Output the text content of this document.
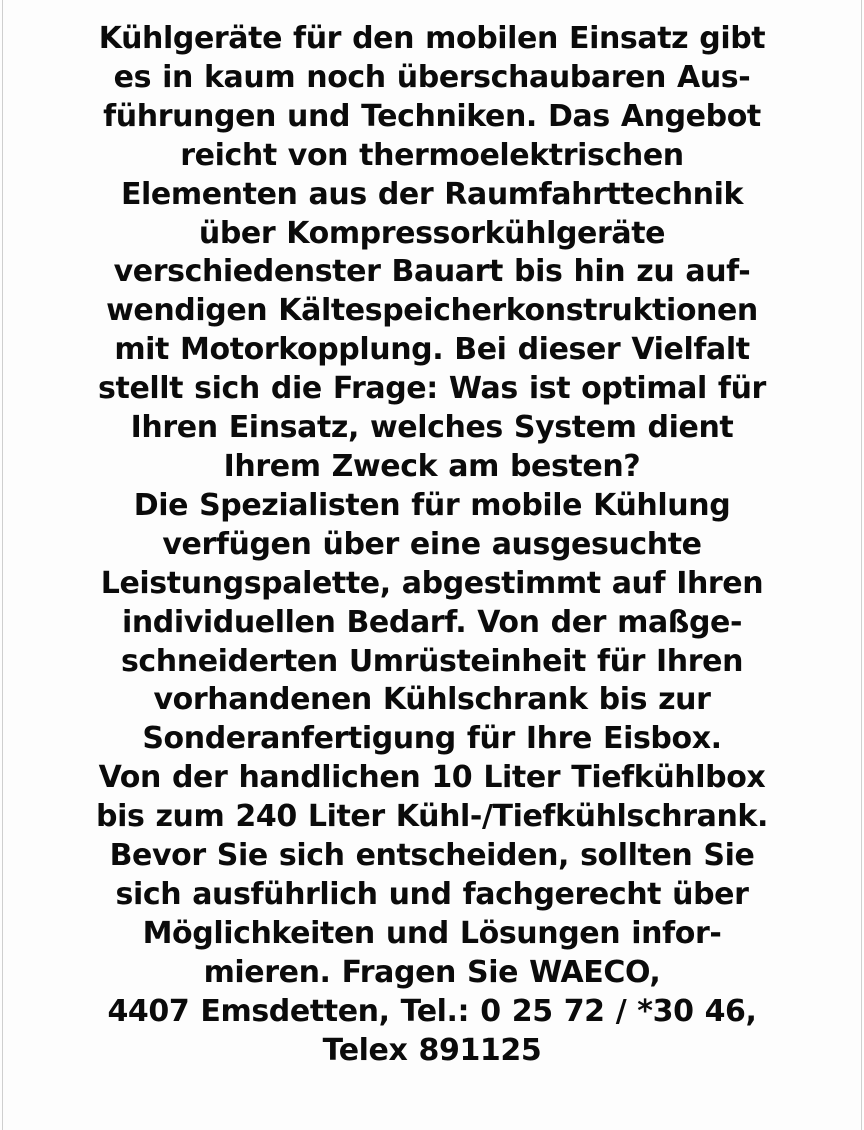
Kühlgeräte für den mobilen Einsatz gibt
es in kaum noch überschaubaren Aus-
führungen und Techniken. Das Angebot
reicht von thermoelektrischen
Elementen aus der Raumfahrttechnik
über Kompressorkühlgeräte
verschiedenster Bauart bis hin zu auf-
wendigen Kältespeicherkonstruktionen
mit Motorkopplung. Bei dieser Vielfalt
stellt sich die Frage: Was ist optimal für
Ihren Einsatz, welches System dient
Ihrem Zweck am besten?
Die Spezialisten für mobile Kühlung
verfügen über eine ausgesuchte
Leistungspalette, abgestimmt auf Ihren
individuellen Bedarf. Von der maßge-
schneiderten Umrüsteinheit für Ihren
vorhandenen Kühlschrank bis zur
Sonderanfertigung für Ihre Eisbox.
Von der handlichen 10 Liter Tiefkühlbox
bis zum 240 Liter Kühl-/Tiefkühlschrank.
Bevor Sie sich entscheiden, sollten Sie
sich ausführlich und fachgerecht über
Möglichkeiten und Lösungen infor-
mieren. Fragen Sie WAECO,
4407 Emsdetten, Tel.: 0 25 72 / *30 46,
Telex 891125
